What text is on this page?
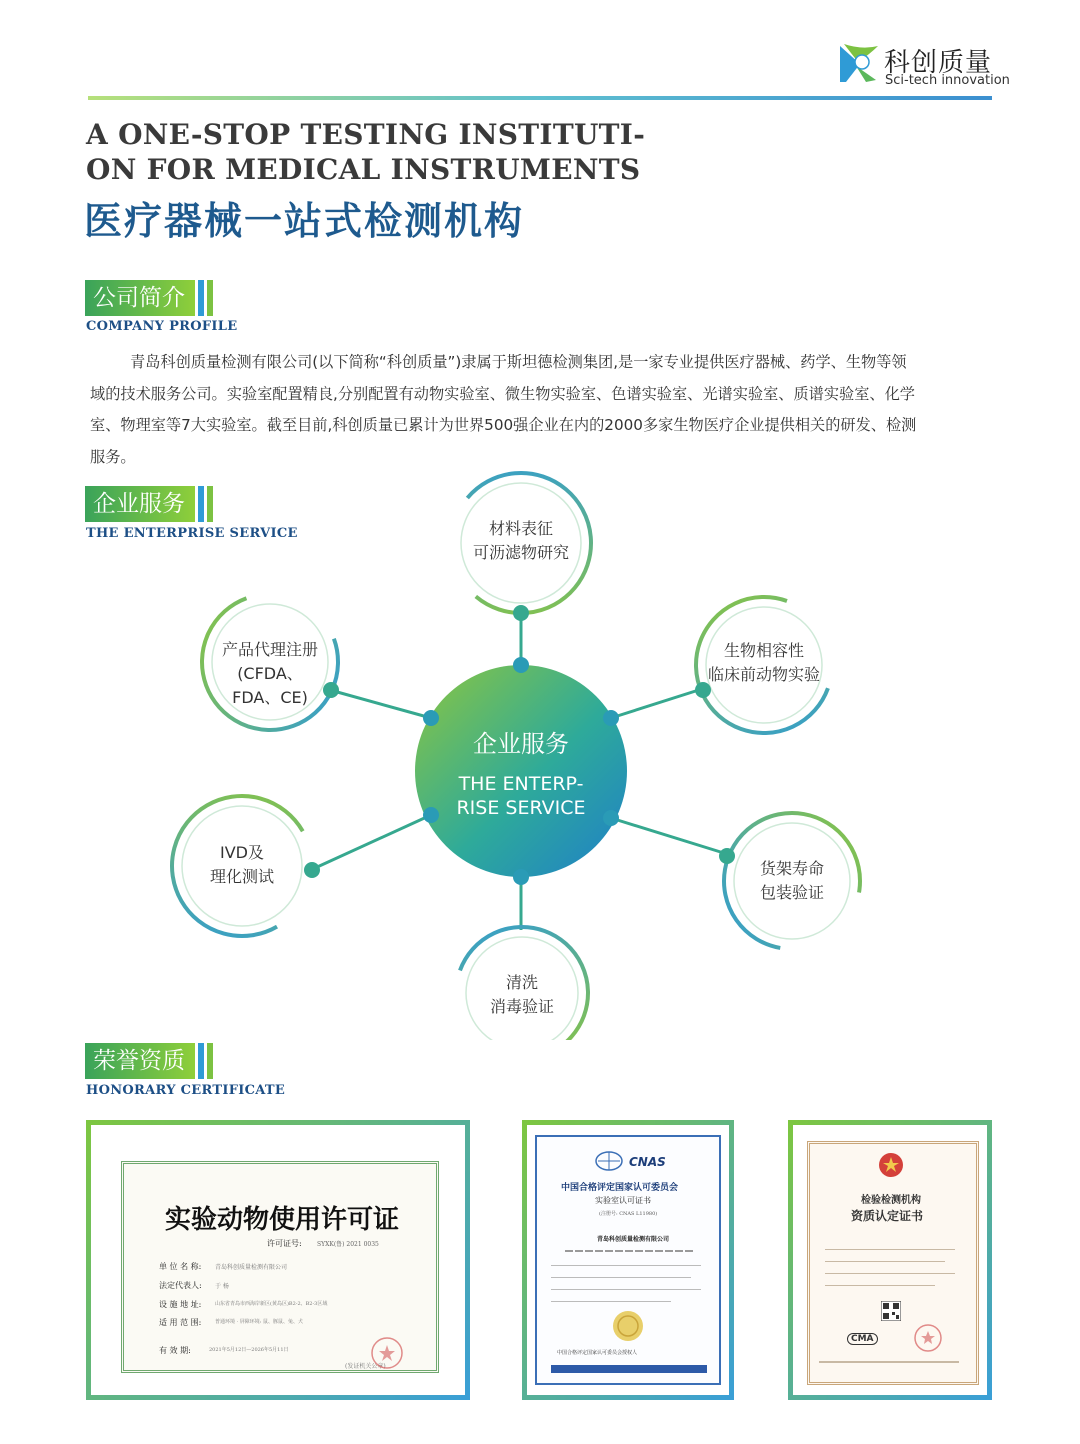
科创质量
Sci-tech innovation
A ONE-STOP TESTING INSTITUTI-
ON FOR MEDICAL INSTRUMENTS
医疗器械一站式检测机构
公司简介
COMPANY PROFILE
青岛科创质量检测有限公司(以下简称“科创质量”)隶属于斯坦德检测集团,是一家专业提供医疗器械、药学、生物等领
域的技术服务公司。实验室配置精良,分别配置有动物实验室、微生物实验室、色谱实验室、光谱实验室、质谱实验室、化学
室、物理室等7大实验室。截至目前,科创质量已累计为世界500强企业在内的2000多家生物医疗企业提供相关的研发、检测
服务。
企业服务
THE ENTERPRISE SERVICE
企业服务
THE ENTERP-
RISE SERVICE
材料表征
可沥滤物研究
生物相容性
临床前动物实验
货架寿命
包装验证
清洗
消毒验证
IVD及
理化测试
产品代理注册
(CFDA、
FDA、CE)
荣誉资质
HONORARY CERTIFICATE
实验动物使用许可证
许可证号:	SYXK(鲁) 2021 0035
单 位 名 称: 青岛科创质量检测有限公司
法定代表人: 于 杨
设 施 地 址:	山东省青岛市西海岸新区(黄岛区)B2-2、B2-3区域
适 用 范 围:	普通环境 · 屏障环境: 鼠、豚鼠、兔、犬
有 效 期:	2021年5月12日—2026年5月11日
(发证机关公章)
CNAS
中国合格评定国家认可委员会
实验室认可证书
(注册号: CNAS L11980)
青岛科创质量检测有限公司
中国合格评定国家认可委员会授权人
检验检测机构
资质认定证书
CMA
